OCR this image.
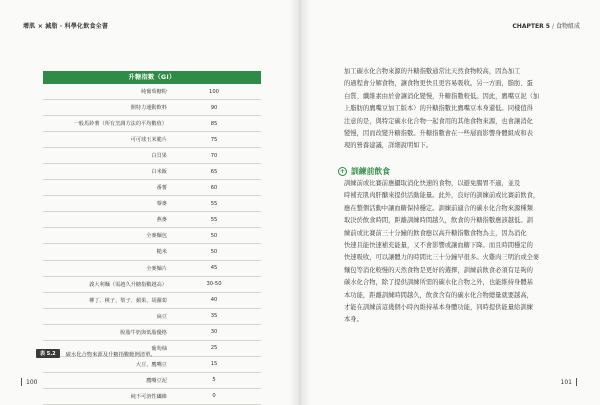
增肌 × 減脂 · 科學化飲食全書	CHAPTER 5 / 食物組成
升糖指數（GI）
純葡萄糖粉	100
開特力運動飲料	90
一般馬鈴薯（所有烹調方法的平均數值）	85
可可球玉米脆片	75
白貝果	70
白米飯	65
番薯	60
藜麥	55
燕麥	55
全麥麵包	50
糙米	50
全麥麵片	45
義大利麵（需越久升糖指數越高）	30-50
柳丁、桃子、梨子、蘋果、胡蘿蔔	40
扁豆	35
脫脂牛奶與低脂優格	30
葡萄柚	25
大豆、鷹嘴豆	15
鷹嘴豆泥	5
純不可溶性纖維	0
表 5.2	碳水化合物來源及升糖指數範例清單。
100	101

加工碳水化合物來源的升糖指數通常比天然食物較高，因為加工
的過程會分解食物，讓食物更快且更容易吸收。另一方面，脂肪、蛋
白質、纖維素由於會讓消化變慢，升糖指數較低。因此，鷹嘴豆泥（加
上脂肪的鷹嘴豆加工版本）的升糖指數比鷹嘴豆本身還低。同樣值得
注意的是，與特定碳水化合物一起食用的其他食物來源，也會讓消化
變慢，因而改變升糖指數。升糖指數會在一些層面影響身體組成和表
現的營養建議，詳細說明如下。

+ 訓練前飲食

訓練前或比賽前應攝取消化快速的食物，以避免腸胃不適，並及
時補充肌肉肝醣來提供活動能量。此外，良好的訓練前或比賽前飲食，
應在整個活動中讓血糖保持穩定。訓練前適合的碳水化合物來源種類
取決於飲食時間，距離訓練時間越久，飲食的升糖指數應該越低。訓
練前或比賽前三十分鐘的飲食應以高升糖指數食物為主，因為消化
快速且能快速補充能量，又不會影響或讓血糖下降。而且時間穩定的
快速吸收，可以讓體力的時間比三十分鐘早很多。火雞肉三明治或全麥
麵包等消化較慢的天然食物是更好的選擇，訓練前飲食必須有足夠的
碳水化合物，除了提供訓練所需的碳水化合物之外，也能維持身體基
本功能，距離訓練時間越久，飲食含有的碳水化合物總量就要越高，
才能在訓練前這幾個小時內維持基本身體功能，同時提供能量給訓練
本身。
